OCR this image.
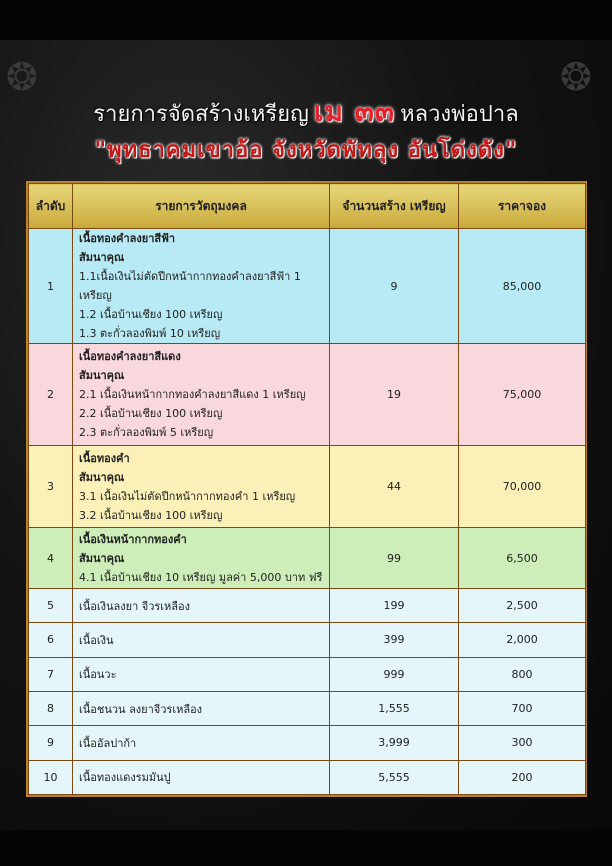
❂	❂
รายการจัดสร้างเหรียญ เม ๓๓ หลวงพ่อปาล
"พุทธาคมเขาอ้อ จังหวัดพัทลุง อันโด่งดัง"
ลำดับ	รายการวัตถุมงคล	จำนวนสร้าง เหรียญ	ราคาจอง
1	เนื้อทองคำลงยาสีฟ้า
สัมนาคุณ
1.1เนื้อเงินไม่ตัดปีกหน้ากากทองคำลงยาสีฟ้า 1 เหรียญ
1.2 เนื้อบ้านเชียง 100 เหรียญ
1.3 ตะกั่วลองพิมพ์ 10 เหรียญ	9	85,000
2	เนื้อทองคำลงยาสีแดง
สัมนาคุณ
2.1 เนื้อเงินหน้ากากทองคำลงยาสีแดง 1 เหรียญ
2.2 เนื้อบ้านเชียง 100 เหรียญ
2.3 ตะกั่วลองพิมพ์ 5 เหรียญ	19	75,000
3	เนื้อทองคำ
สัมนาคุณ
3.1 เนื้อเงินไม่ตัดปีกหน้ากากทองคำ 1 เหรียญ
3.2 เนื้อบ้านเชียง 100 เหรียญ	44	70,000
4	เนื้อเงินหน้ากากทองคำ
สัมนาคุณ
4.1 เนื้อบ้านเชียง 10 เหรียญ มูลค่า 5,000 บาท ฟรี	99	6,500
5	เนื้อเงินลงยา จีวรเหลือง	199	2,500
6	เนื้อเงิน	399	2,000
7	เนื้อนวะ	999	800
8	เนื้อชนวน ลงยาจีวรเหลือง	1,555	700
9	เนื้ออัลปาก้า	3,999	300
10	เนื้อทองแดงรมมันปู	5,555	200
